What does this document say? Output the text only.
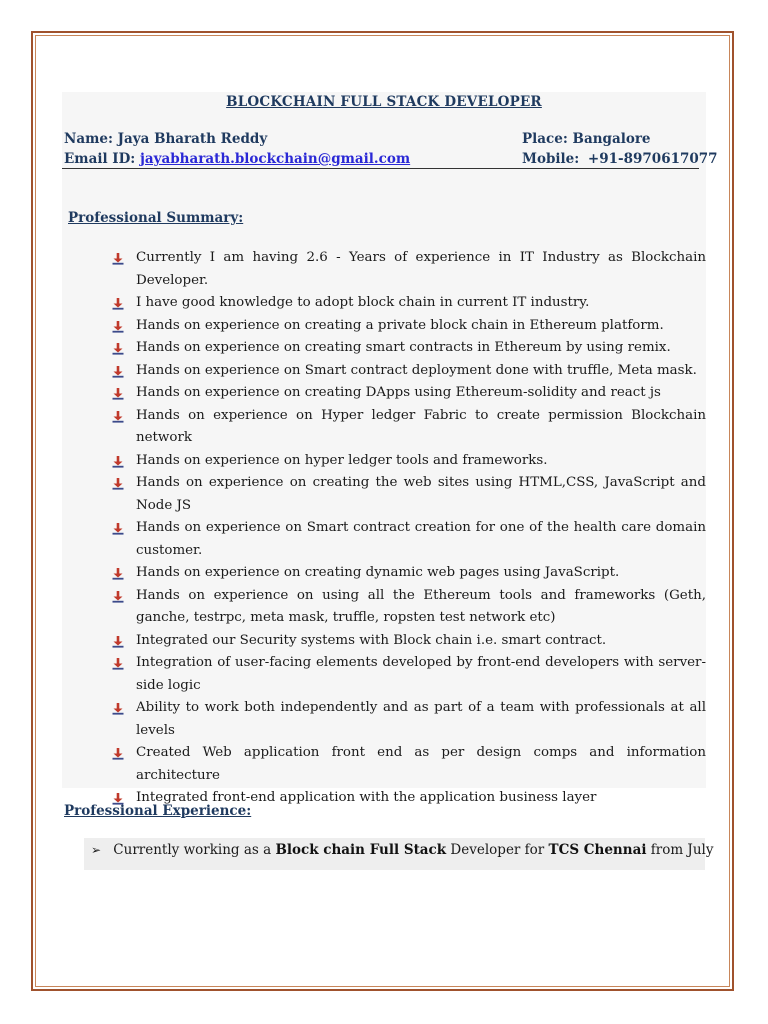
BLOCKCHAIN FULL STACK DEVELOPER
Name: Jaya Bharath Reddy
Email ID: jayabharath.blockchain@gmail.com
Place: Bangalore
Mobile: +91-8970617077
Professional Summary:
Currently I am having 2.6 - Years of experience in IT Industry as Blockchain Developer.
I have good knowledge to adopt block chain in current IT industry.
Hands on experience on creating a private block chain in Ethereum platform.
Hands on experience on creating smart contracts in Ethereum by using remix.
Hands on experience on Smart contract deployment done with truffle, Meta mask.
Hands on experience on creating DApps using Ethereum-solidity and react js
Hands on experience on Hyper ledger Fabric to create permission Blockchain network
Hands on experience on hyper ledger tools and frameworks.
Hands on experience on creating the web sites using HTML,CSS, JavaScript and Node JS
Hands on experience on Smart contract creation for one of the health care domain customer.
Hands on experience on creating dynamic web pages using JavaScript.
Hands on experience on using all the Ethereum tools and frameworks (Geth, ganche, testrpc, meta mask, truffle, ropsten test network etc)
Integrated our Security systems with Block chain i.e. smart contract.
Integration of user-facing elements developed by front-end developers with server-side logic
Ability to work both independently and as part of a team with professionals at all levels
Created Web application front end as per design comps and information architecture
Integrated front-end application with the application business layer
Professional Experience:
➢ Currently working as a Block chain Full Stack Developer for TCS Chennai from July
